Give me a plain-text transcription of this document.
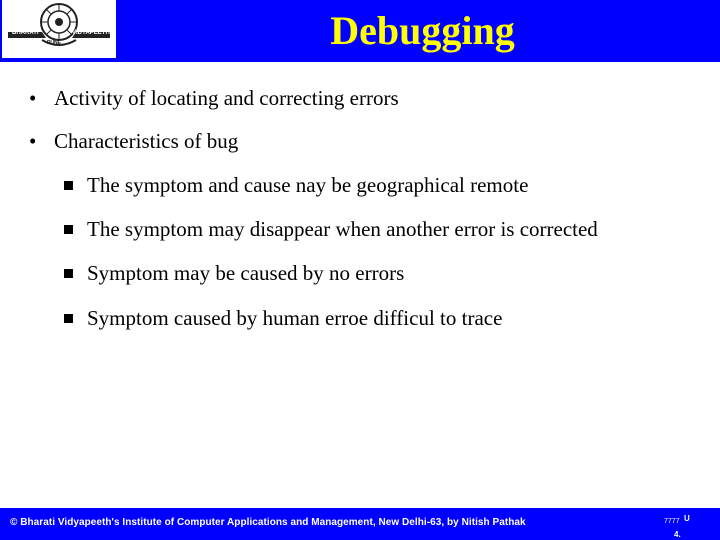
BHARATI	VIDYAPEETH
PUNE	Debugging
• Activity of locating and correcting errors
• Characteristics of bug
The symptom and cause nay be geographical remote
The symptom may disappear when another error is corrected
Symptom may be caused by no errors
Symptom caused by human erroe difficul to trace
© Bharati Vidyapeeth's Institute of Computer Applications and Management, New Delhi-63, by Nitish Pathak	7777 U
4.
